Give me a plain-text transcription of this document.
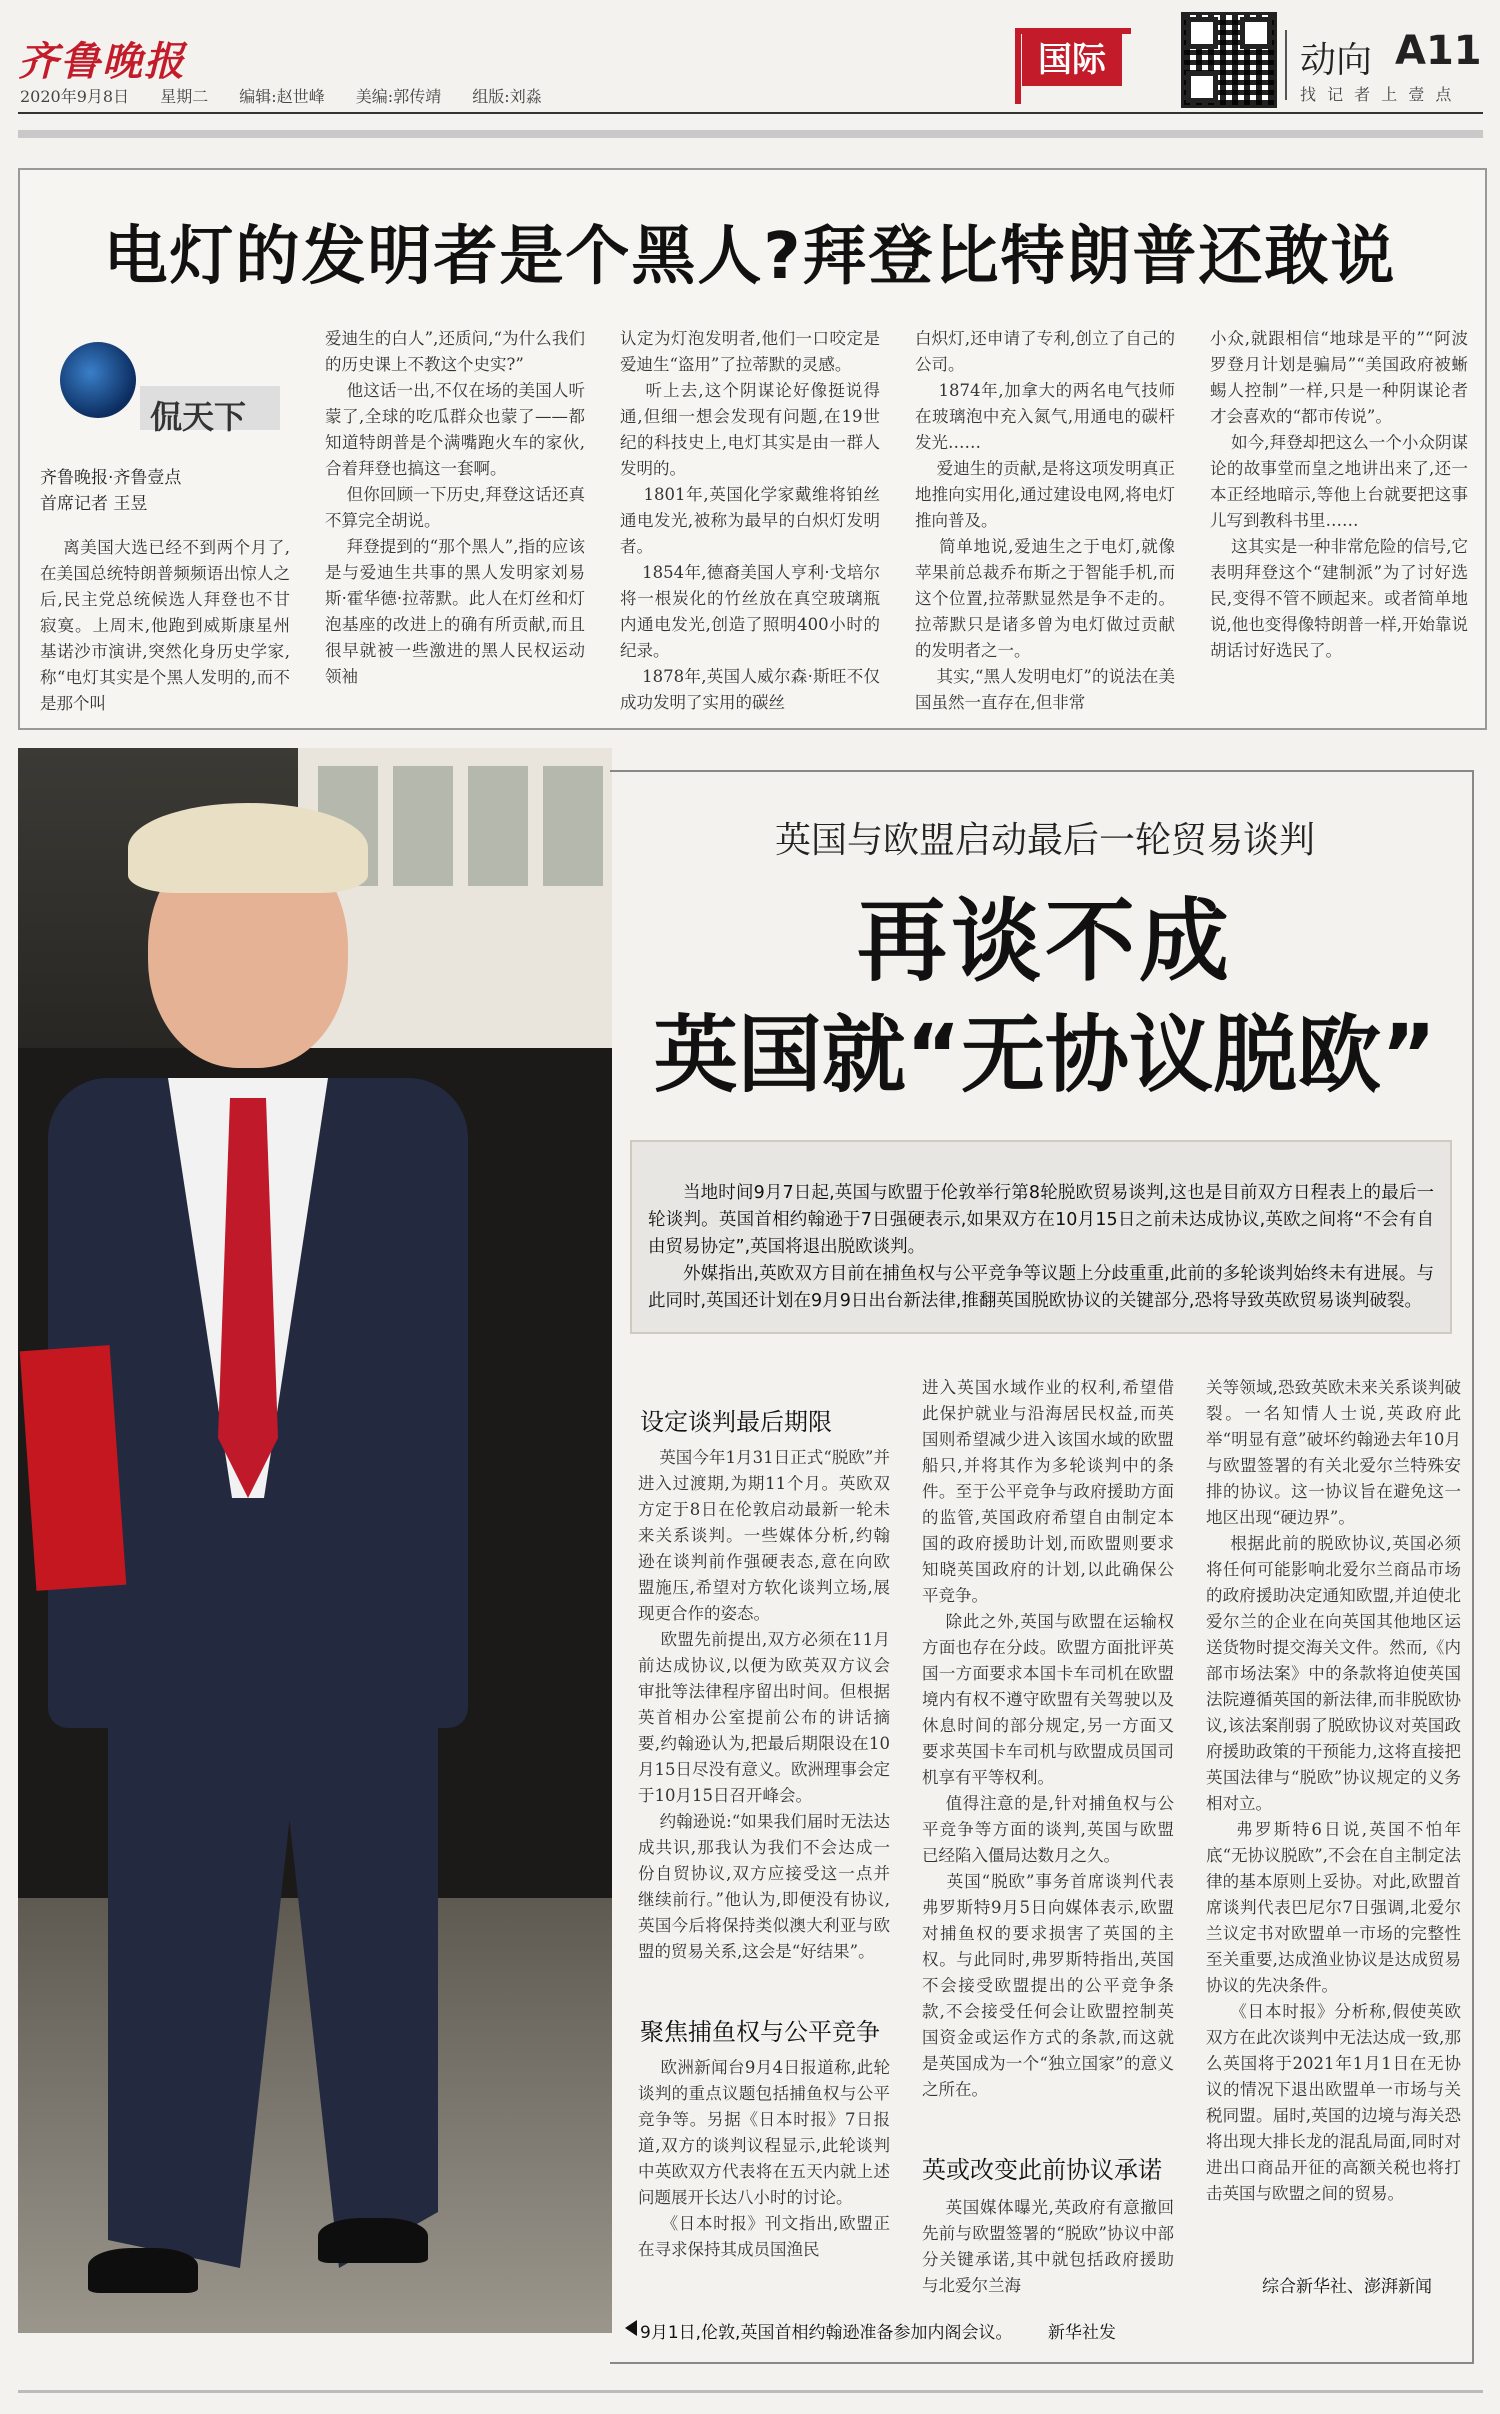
齐鲁晚报
2020年9月8日 星期二 编辑:赵世峰 美编:郭传靖 组版:刘淼
国际	动向 A11
找 记 者 上 壹 点
电灯的发明者是个黑人?拜登比特朗普还敢说
侃天下
齐鲁晚报·齐鲁壹点
首席记者 王昱
离美国大选已经不到两个月了,在美国总统特朗普频频语出惊人之后,民主党总统候选人拜登也不甘寂寞。上周末,他跑到威斯康星州基诺沙市演讲,突然化身历史学家,称“电灯其实是个黑人发明的,而不是那个叫
爱迪生的白人”,还质问,“为什么我们的历史课上不教这个史实?”
他这话一出,不仅在场的美国人听蒙了,全球的吃瓜群众也蒙了——都知道特朗普是个满嘴跑火车的家伙,合着拜登也搞这一套啊。
但你回顾一下历史,拜登这话还真不算完全胡说。
拜登提到的“那个黑人”,指的应该是与爱迪生共事的黑人发明家刘易斯·霍华德·拉蒂默。此人在灯丝和灯泡基座的改进上的确有所贡献,而且很早就被一些激进的黑人民权运动领袖
认定为灯泡发明者,他们一口咬定是爱迪生“盗用”了拉蒂默的灵感。
听上去,这个阴谋论好像挺说得通,但细一想会发现有问题,在19世纪的科技史上,电灯其实是由一群人发明的。
1801年,英国化学家戴维将铂丝通电发光,被称为最早的白炽灯发明者。
1854年,德裔美国人亨利·戈培尔将一根炭化的竹丝放在真空玻璃瓶内通电发光,创造了照明400小时的纪录。
1878年,英国人威尔森·斯旺不仅成功发明了实用的碳丝
白炽灯,还申请了专利,创立了自己的公司。
1874年,加拿大的两名电气技师在玻璃泡中充入氮气,用通电的碳杆发光……
爱迪生的贡献,是将这项发明真正地推向实用化,通过建设电网,将电灯推向普及。
简单地说,爱迪生之于电灯,就像苹果前总裁乔布斯之于智能手机,而这个位置,拉蒂默显然是争不走的。拉蒂默只是诸多曾为电灯做过贡献的发明者之一。
其实,“黑人发明电灯”的说法在美国虽然一直存在,但非常
小众,就跟相信“地球是平的”“阿波罗登月计划是骗局”“美国政府被蜥蜴人控制”一样,只是一种阴谋论者才会喜欢的“都市传说”。
如今,拜登却把这么一个小众阴谋论的故事堂而皇之地讲出来了,还一本正经地暗示,等他上台就要把这事儿写到教科书里……
这其实是一种非常危险的信号,它表明拜登这个“建制派”为了讨好选民,变得不管不顾起来。或者简单地说,他也变得像特朗普一样,开始靠说胡话讨好选民了。
英国与欧盟启动最后一轮贸易谈判
再谈不成
英国就“无协议脱欧”

当地时间9月7日起,英国与欧盟于伦敦举行第8轮脱欧贸易谈判,这也是目前双方日程表上的最后一轮谈判。英国首相约翰逊于7日强硬表示,如果双方在10月15日之前未达成协议,英欧之间将“不会有自由贸易协定”,英国将退出脱欧谈判。

外媒指出,英欧双方目前在捕鱼权与公平竞争等议题上分歧重重,此前的多轮谈判始终未有进展。与此同时,英国还计划在9月9日出台新法律,推翻英国脱欧协议的关键部分,恐将导致英欧贸易谈判破裂。

设定谈判最后期限
英国今年1月31日正式“脱欧”并进入过渡期,为期11个月。英欧双方定于8日在伦敦启动最新一轮未来关系谈判。一些媒体分析,约翰逊在谈判前作强硬表态,意在向欧盟施压,希望对方软化谈判立场,展现更合作的姿态。
欧盟先前提出,双方必须在11月前达成协议,以便为欧英双方议会审批等法律程序留出时间。但根据英首相办公室提前公布的讲话摘要,约翰逊认为,把最后期限设在10月15日尽没有意义。欧洲理事会定于10月15日召开峰会。
约翰逊说:“如果我们届时无法达成共识,那我认为我们不会达成一份自贸协议,双方应接受这一点并继续前行。”他认为,即便没有协议,英国今后将保持类似澳大利亚与欧盟的贸易关系,这会是“好结果”。
聚焦捕鱼权与公平竞争
欧洲新闻台9月4日报道称,此轮谈判的重点议题包括捕鱼权与公平竞争等。另据《日本时报》7日报道,双方的谈判议程显示,此轮谈判中英欧双方代表将在五天内就上述问题展开长达八小时的讨论。
《日本时报》刊文指出,欧盟正在寻求保持其成员国渔民
进入英国水域作业的权利,希望借此保护就业与沿海居民权益,而英国则希望减少进入该国水域的欧盟船只,并将其作为多轮谈判中的条件。至于公平竞争与政府援助方面的监管,英国政府希望自由制定本国的政府援助计划,而欧盟则要求知晓英国政府的计划,以此确保公平竞争。
除此之外,英国与欧盟在运输权方面也存在分歧。欧盟方面批评英国一方面要求本国卡车司机在欧盟境内有权不遵守欧盟有关驾驶以及休息时间的部分规定,另一方面又要求英国卡车司机与欧盟成员国司机享有平等权利。
值得注意的是,针对捕鱼权与公平竞争等方面的谈判,英国与欧盟已经陷入僵局达数月之久。
英国“脱欧”事务首席谈判代表弗罗斯特9月5日向媒体表示,欧盟对捕鱼权的要求损害了英国的主权。与此同时,弗罗斯特指出,英国不会接受欧盟提出的公平竞争条款,不会接受任何会让欧盟控制英国资金或运作方式的条款,而这就是英国成为一个“独立国家”的意义之所在。
英或改变此前协议承诺
英国媒体曝光,英政府有意撤回先前与欧盟签署的“脱欧”协议中部分关键承诺,其中就包括政府援助与北爱尔兰海
关等领域,恐致英欧未来关系谈判破裂。一名知情人士说,英政府此举“明显有意”破坏约翰逊去年10月与欧盟签署的有关北爱尔兰特殊安排的协议。这一协议旨在避免这一地区出现“硬边界”。
根据此前的脱欧协议,英国必须将任何可能影响北爱尔兰商品市场的政府援助决定通知欧盟,并迫使北爱尔兰的企业在向英国其他地区运送货物时提交海关文件。然而,《内部市场法案》中的条款将迫使英国法院遵循英国的新法律,而非脱欧协议,该法案削弱了脱欧协议对英国政府援助政策的干预能力,这将直接把英国法律与“脱欧”协议规定的义务相对立。
弗罗斯特6日说,英国不怕年底“无协议脱欧”,不会在自主制定法律的基本原则上妥协。对此,欧盟首席谈判代表巴尼尔7日强调,北爱尔兰议定书对欧盟单一市场的完整性至关重要,达成渔业协议是达成贸易协议的先决条件。
《日本时报》分析称,假使英欧双方在此次谈判中无法达成一致,那么英国将于2021年1月1日在无协议的情况下退出欧盟单一市场与关税同盟。届时,英国的边境与海关恐将出现大排长龙的混乱局面,同时对进出口商品开征的高额关税也将打击英国与欧盟之间的贸易。
综合新华社、澎湃新闻
9月1日,伦敦,英国首相约翰逊准备参加内阁会议。 新华社发
